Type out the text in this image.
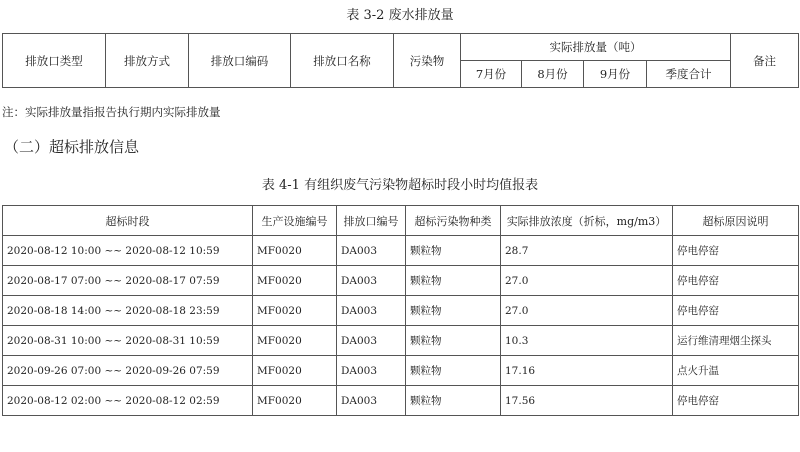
表 3-2 废水排放量
排放口类型	排放方式	排放口编码	排放口名称	污染物	实际排放量（吨）				备注
					7月份	8月份	9月份	季度合计	
注：实际排放量指报告执行期内实际排放量
（二）超标排放信息
表 4-1 有组织废气污染物超标时段小时均值报表
超标时段	生产设施编号	排放口编号	超标污染物种类	实际排放浓度（折标，mg/m3）	超标原因说明
2020-08-12 10:00 ~~ 2020-08-12 10:59	MF0020	DA003	颗粒物	28.7	停电停窑
2020-08-17 07:00 ~~ 2020-08-17 07:59	MF0020	DA003	颗粒物	27.0	停电停窑
2020-08-18 14:00 ~~ 2020-08-18 23:59	MF0020	DA003	颗粒物	27.0	停电停窑
2020-08-31 10:00 ~~ 2020-08-31 10:59	MF0020	DA003	颗粒物	10.3	运行维清理烟尘探头
2020-09-26 07:00 ~~ 2020-09-26 07:59	MF0020	DA003	颗粒物	17.16	点火升温
2020-08-12 02:00 ~~ 2020-08-12 02:59	MF0020	DA003	颗粒物	17.56	停电停窑
